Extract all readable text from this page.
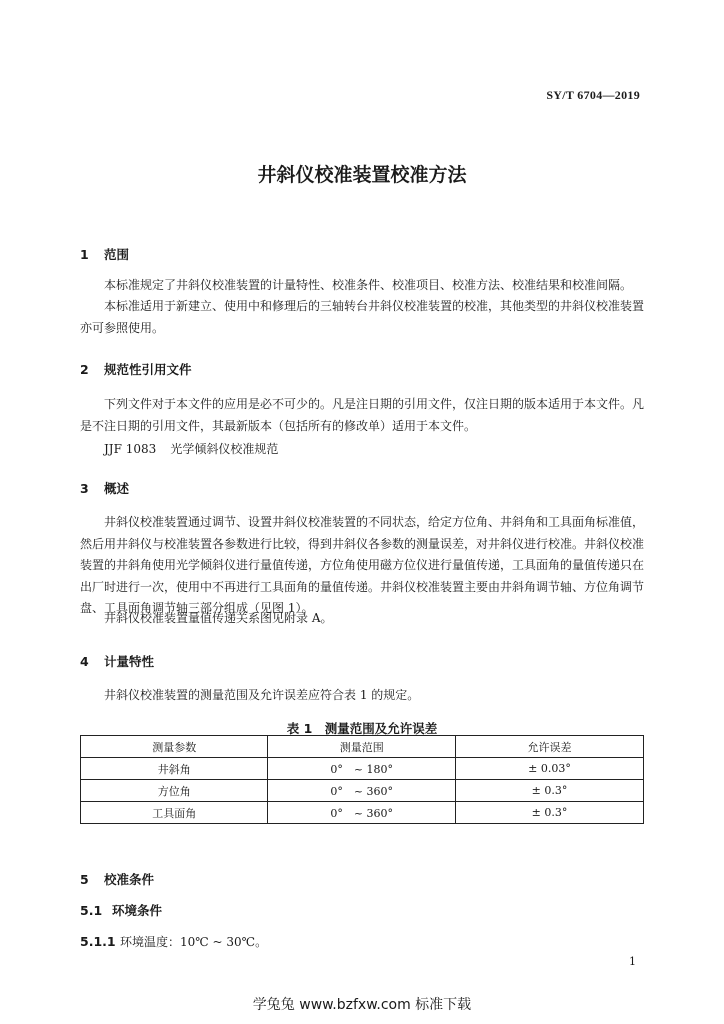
SY/T 6704—2019
井斜仪校准装置校准方法
1 范围
本标准规定了井斜仪校准装置的计量特性、校准条件、校准项目、校准方法、校准结果和校准间隔。
本标准适用于新建立、使用中和修理后的三轴转台井斜仪校准装置的校准，其他类型的井斜仪校准装置亦可参照使用。
2 规范性引用文件
下列文件对于本文件的应用是必不可少的。凡是注日期的引用文件，仅注日期的版本适用于本文件。凡是不注日期的引用文件，其最新版本（包括所有的修改单）适用于本文件。
JJF 1083 光学倾斜仪校准规范
3 概述
井斜仪校准装置通过调节、设置井斜仪校准装置的不同状态，给定方位角、井斜角和工具面角标准值，然后用井斜仪与校准装置各参数进行比较，得到井斜仪各参数的测量误差，对井斜仪进行校准。井斜仪校准装置的井斜角使用光学倾斜仪进行量值传递，方位角使用磁方位仪进行量值传递，工具面角的量值传递只在出厂时进行一次，使用中不再进行工具面角的量值传递。井斜仪校准装置主要由井斜角调节轴、方位角调节盘、工具面角调节轴三部分组成（见图 1）。
井斜仪校准装置量值传递关系图见附录 A。
4 计量特性
井斜仪校准装置的测量范围及允许误差应符合表 1 的规定。
表 1　测量范围及允许误差
测量参数	测量范围	允许误差
井斜角	0°　~ 180°	± 0.03°
方位角	0°　~ 360°	± 0.3°
工具面角	0°　~ 360°	± 0.3°
5 校准条件
5.1 环境条件
5.1.1 环境温度：10℃ ~ 30℃。
1
学兔兔 www.bzfxw.com 标准下载
